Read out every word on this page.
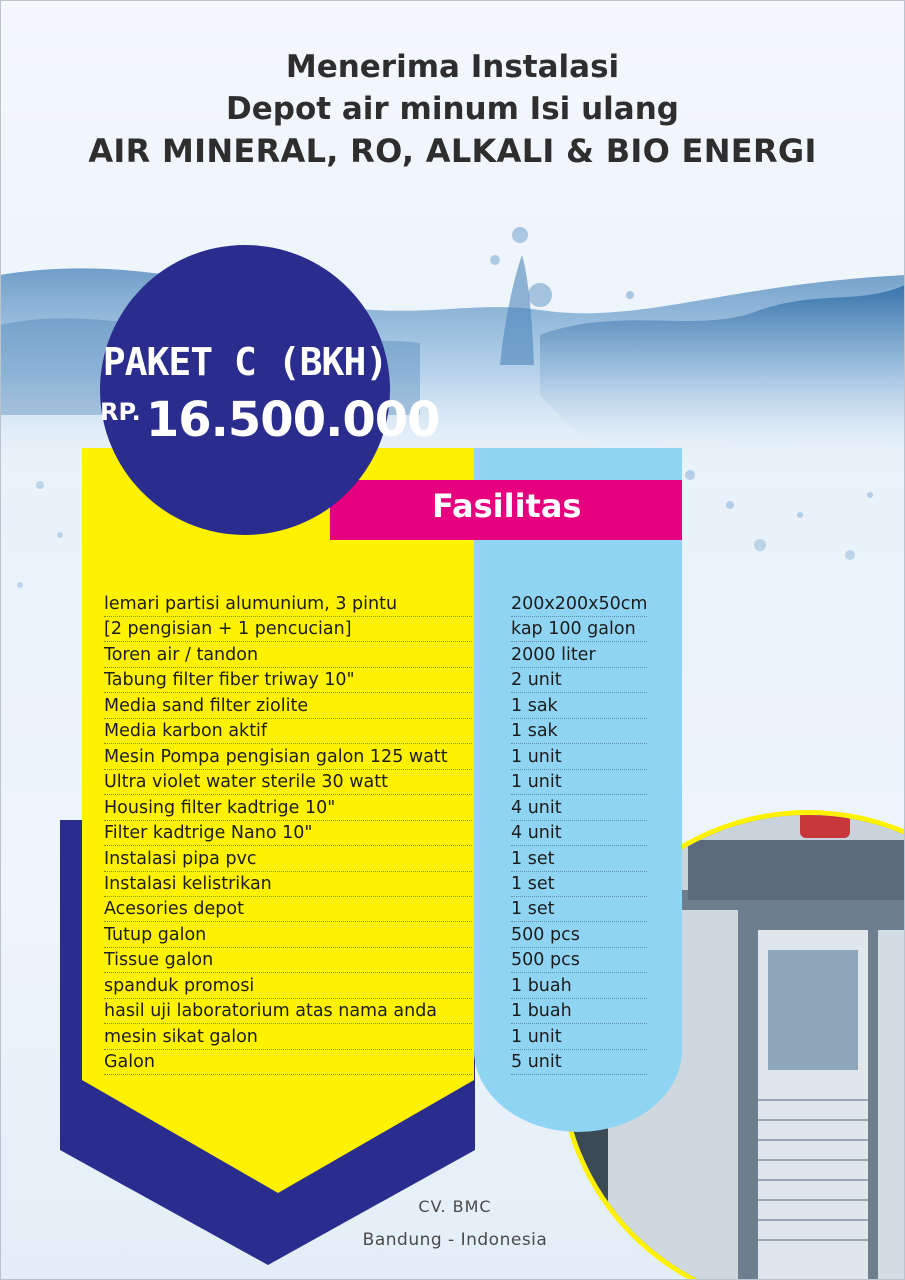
Menerima Instalasi
Depot air minum Isi ulang
AIR MINERAL, RO, ALKALI & BIO ENERGI
PAKET C (BKH)
RP. 16.500.000
Fasilitas
lemari partisi alumunium, 3 pintu	200x200x50cm
[2 pengisian + 1 pencucian]	kap 100 galon
Toren air / tandon	2000 liter
Tabung filter fiber triway 10"	2 unit
Media sand filter ziolite	1 sak
Media karbon aktif	1 sak
Mesin Pompa pengisian galon 125 watt	1 unit
Ultra violet water sterile 30 watt	1 unit
Housing filter kadtrige 10"	4 unit
Filter kadtrige Nano 10"	4 unit
Instalasi pipa pvc	1 set
Instalasi kelistrikan	1 set
Acesories depot	1 set
Tutup galon	500 pcs
Tissue galon	500 pcs
spanduk promosi	1 buah
hasil uji laboratorium atas nama anda	1 buah
mesin sikat galon	1 unit
Galon	5 unit
CV. BMC
Bandung - Indonesia
